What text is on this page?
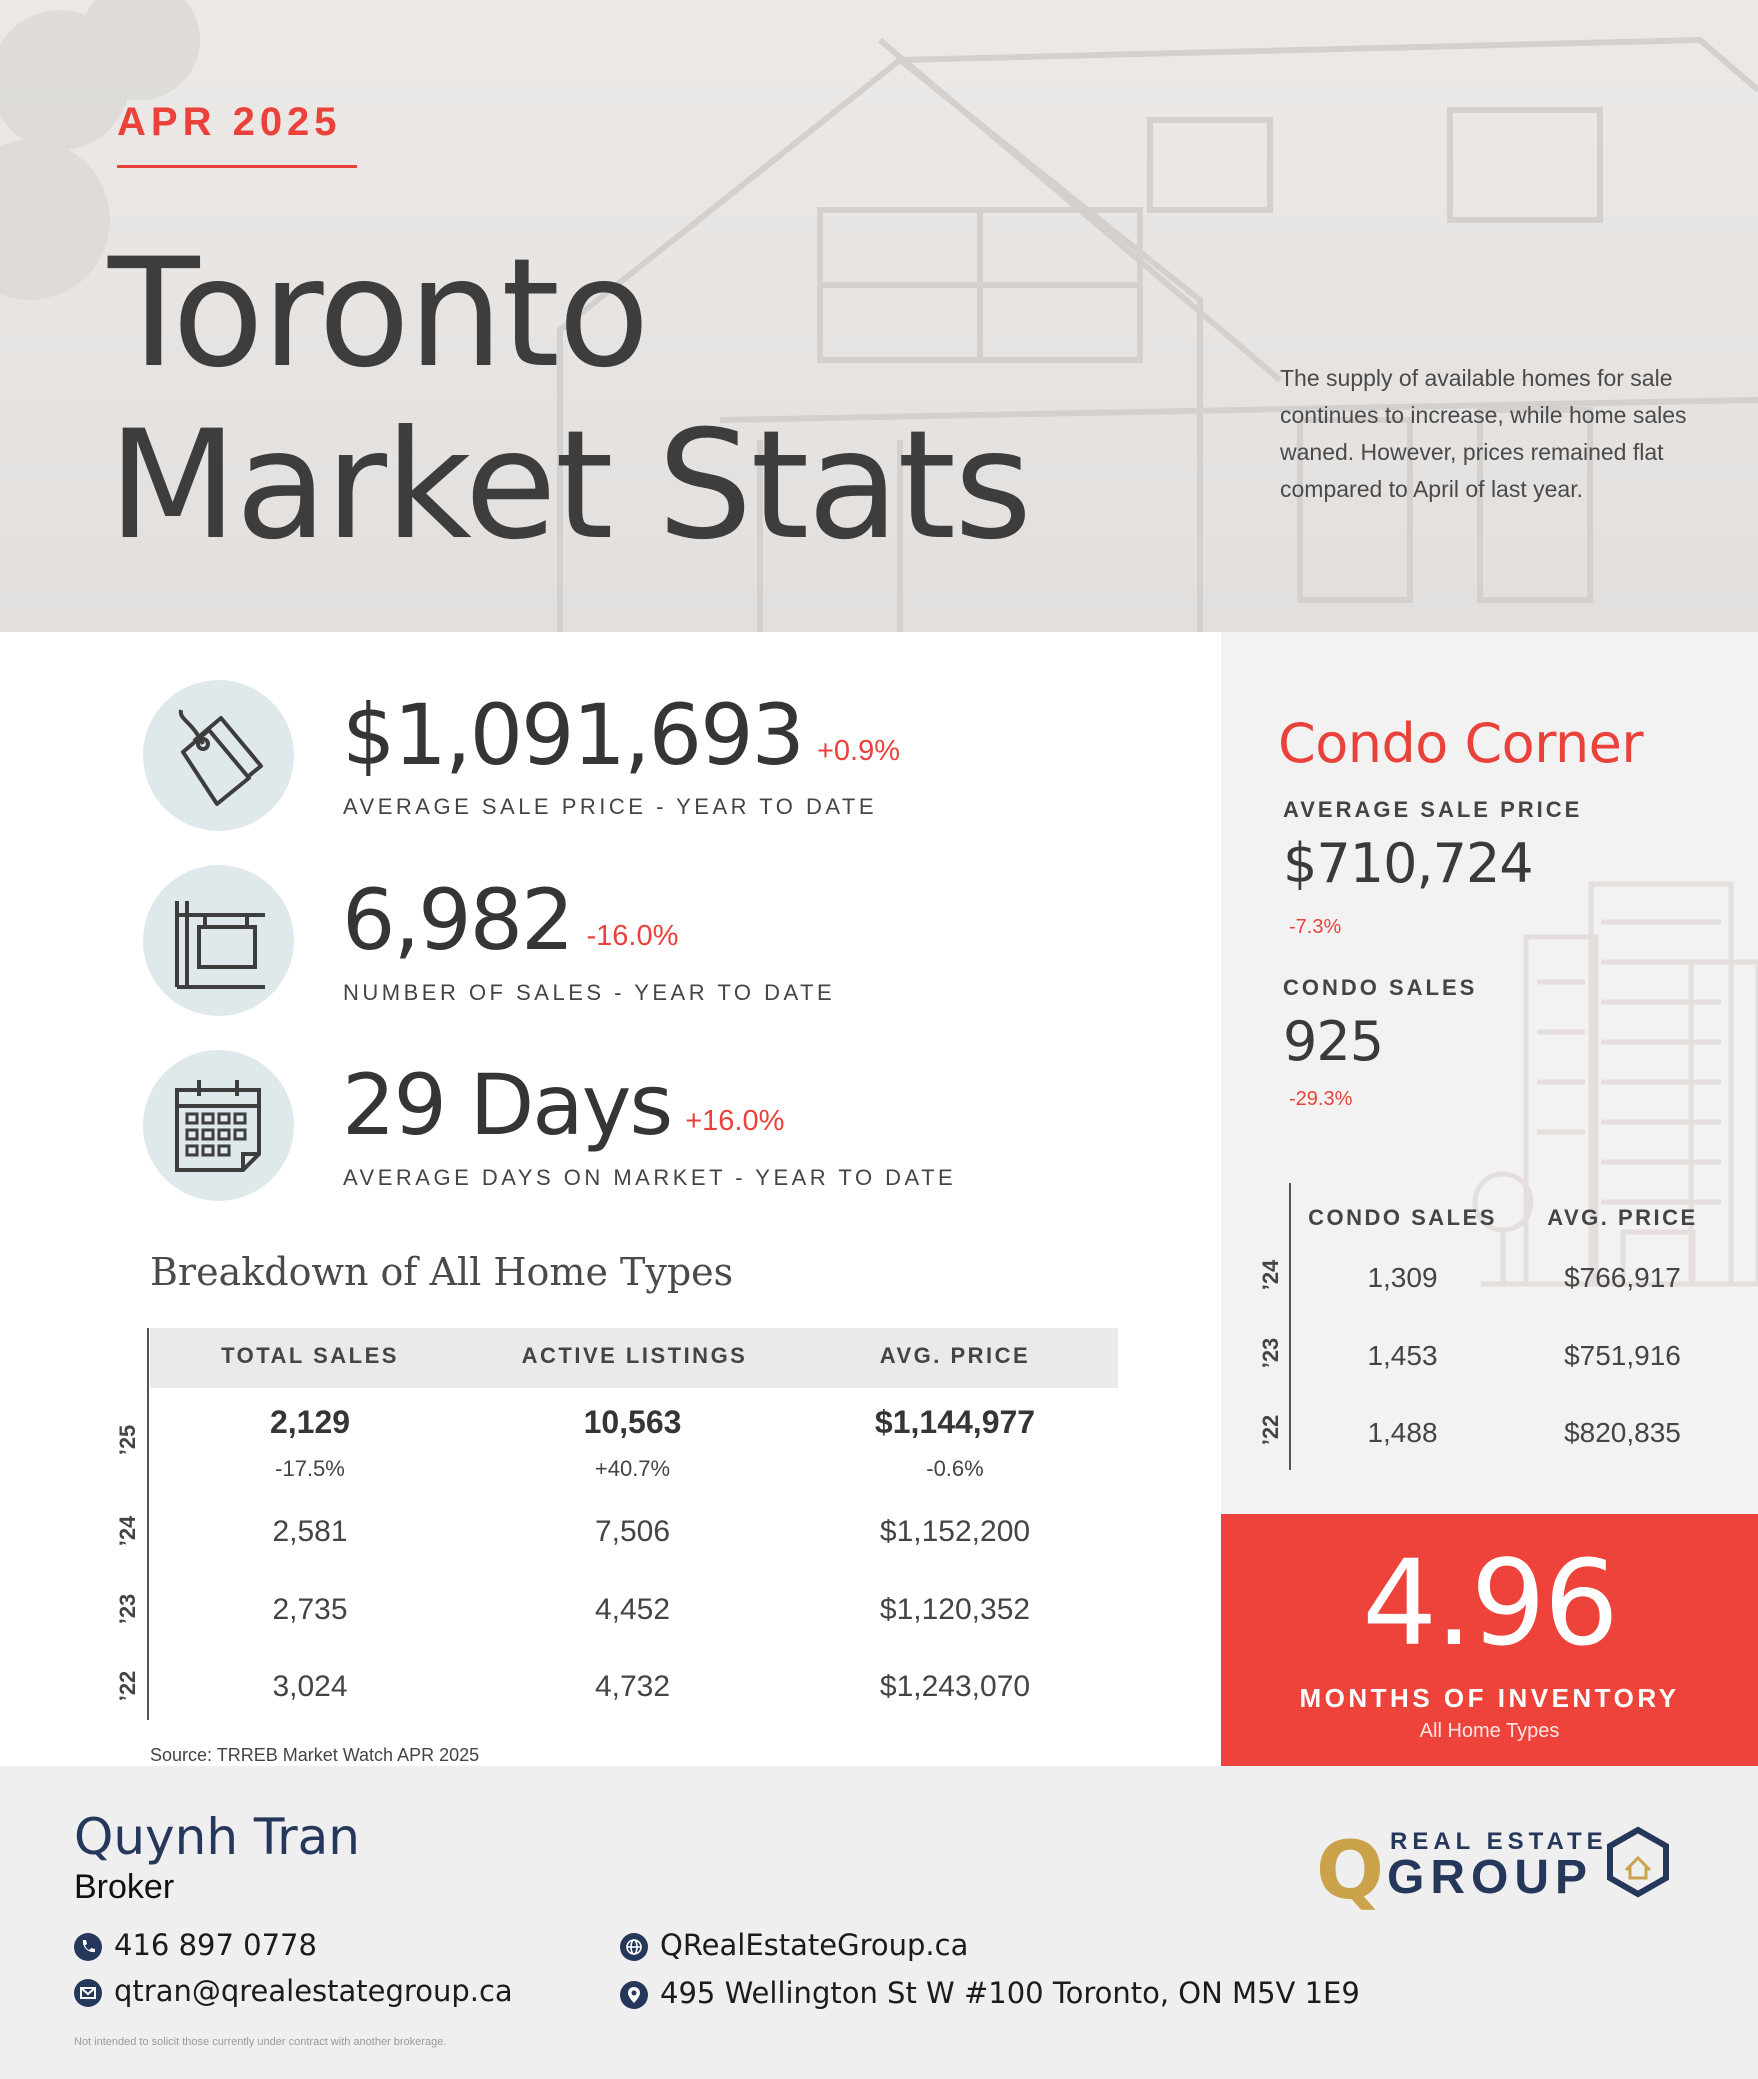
APR 2025
Toronto
Market Stats
The supply of available homes for sale continues to increase, while home sales waned. However, prices remained flat compared to April of last year.
$1,091,693 +0.9%
AVERAGE SALE PRICE - YEAR TO DATE
6,982 -16.0%
NUMBER OF SALES - YEAR TO DATE
29 Days +16.0%
AVERAGE DAYS ON MARKET - YEAR TO DATE
Breakdown of All Home Types
TOTAL SALES	ACTIVE LISTINGS	AVG. PRICE
’25	2,129	10,563	$1,144,977
-17.5%	+40.7%	-0.6%
’24	2,581	7,506	$1,152,200
’23	2,735	4,452	$1,120,352
’22	3,024	4,732	$1,243,070
Source: TRREB Market Watch APR 2025
Condo Corner
AVERAGE SALE PRICE
$710,724
-7.3%
CONDO SALES
925
-29.3%
CONDO SALES	AVG. PRICE
’24	1,309	$766,917
’23	1,453	$751,916
’22	1,488	$820,835
4.96
MONTHS OF INVENTORY
All Home Types
Quynh Tran
Broker
416 897 0778
qtran@qrealestategroup.ca
QRealEstateGroup.ca
495 Wellington St W #100 Toronto, ON M5V 1E9
Not intended to solicit those currently under contract with another brokerage.
Q REAL ESTATE
GROUP
